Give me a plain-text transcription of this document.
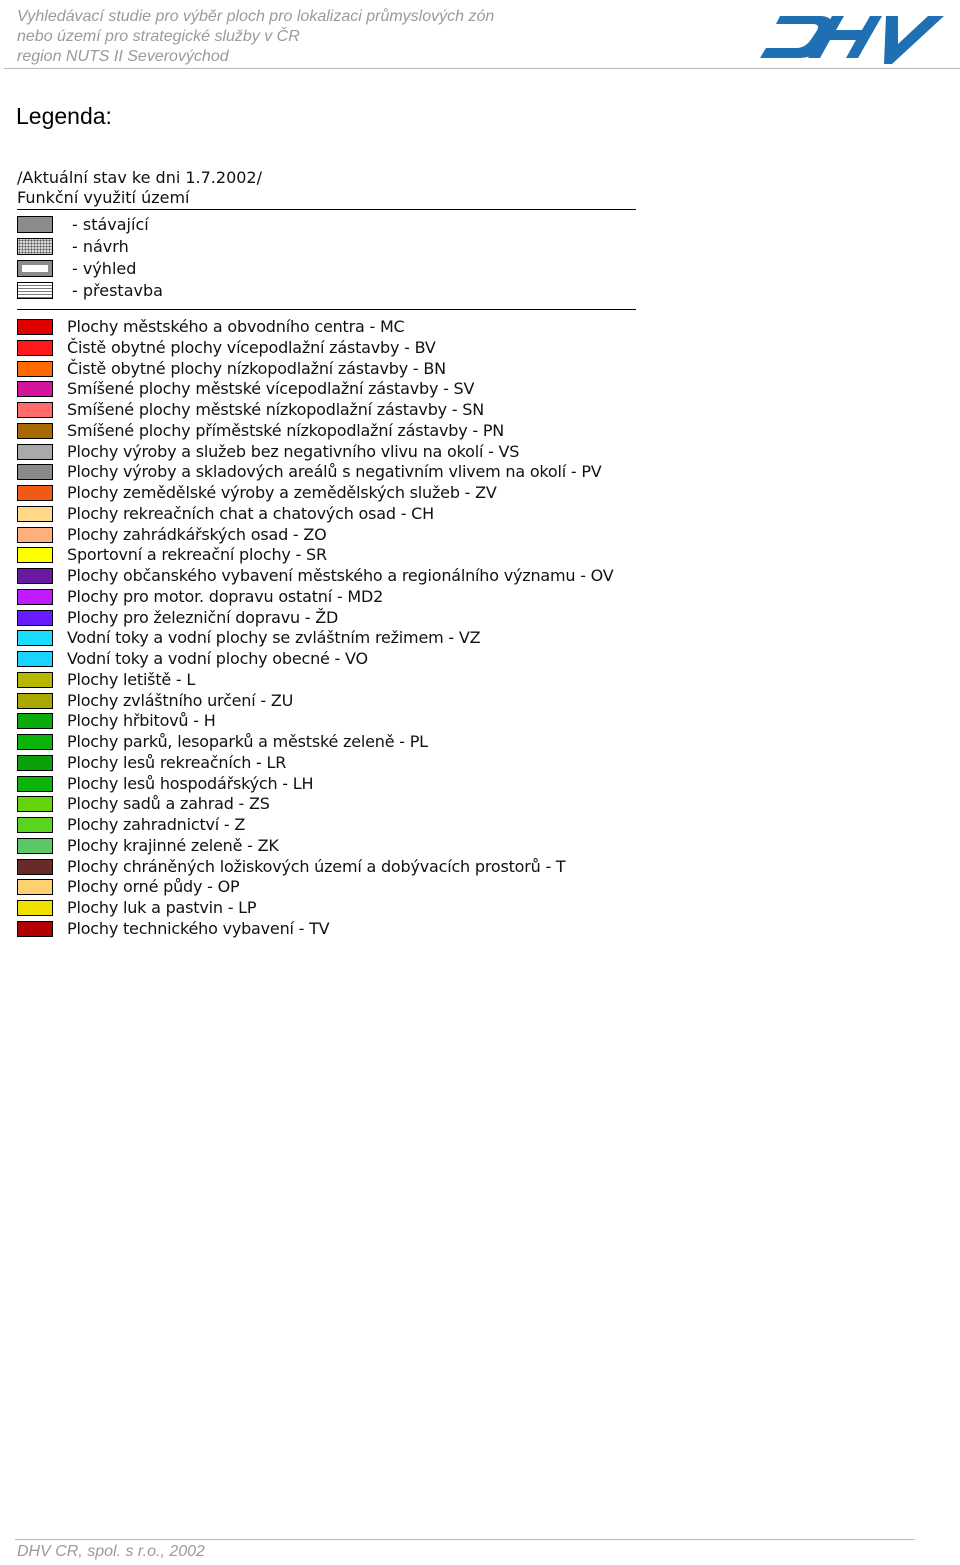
Vyhledávací studie pro výběr ploch pro lokalizaci průmyslových zón
nebo území pro strategické služby v ČR
region NUTS II Severovýchod
Legenda:
/Aktuální stav ke dni 1.7.2002/
Funkční využití území
- stávající
- návrh
- výhled
- přestavba
Plochy městského a obvodního centra - MC
Čistě obytné plochy vícepodlažní zástavby - BV
Čistě obytné plochy nízkopodlažní zástavby - BN
Smíšené plochy městské vícepodlažní zástavby - SV
Smíšené plochy městské nízkopodlažní zástavby - SN
Smíšené plochy příměstské nízkopodlažní zástavby - PN
Plochy výroby a služeb bez negativního vlivu na okolí - VS
Plochy výroby a skladových areálů s negativním vlivem na okolí - PV
Plochy zemědělské výroby a zemědělských služeb - ZV
Plochy rekreačních chat a chatových osad - CH
Plochy zahrádkářských osad - ZO
Sportovní a rekreační plochy - SR
Plochy občanského vybavení městského a regionálního významu - OV
Plochy pro motor. dopravu ostatní - MD2
Plochy pro železniční dopravu - ŽD
Vodní toky a vodní plochy se zvláštním režimem - VZ
Vodní toky a vodní plochy obecné - VO
Plochy letiště - L
Plochy zvláštního určení - ZU
Plochy hřbitovů - H
Plochy parků, lesoparků a městské zeleně - PL
Plochy lesů rekreačních - LR
Plochy lesů hospodářských - LH
Plochy sadů a zahrad - ZS
Plochy zahradnictví - Z
Plochy krajinné zeleně - ZK
Plochy chráněných ložiskových území a dobývacích prostorů - T
Plochy orné půdy - OP
Plochy luk a pastvin - LP
Plochy technického vybavení - TV
DHV CR, spol. s r.o., 2002
